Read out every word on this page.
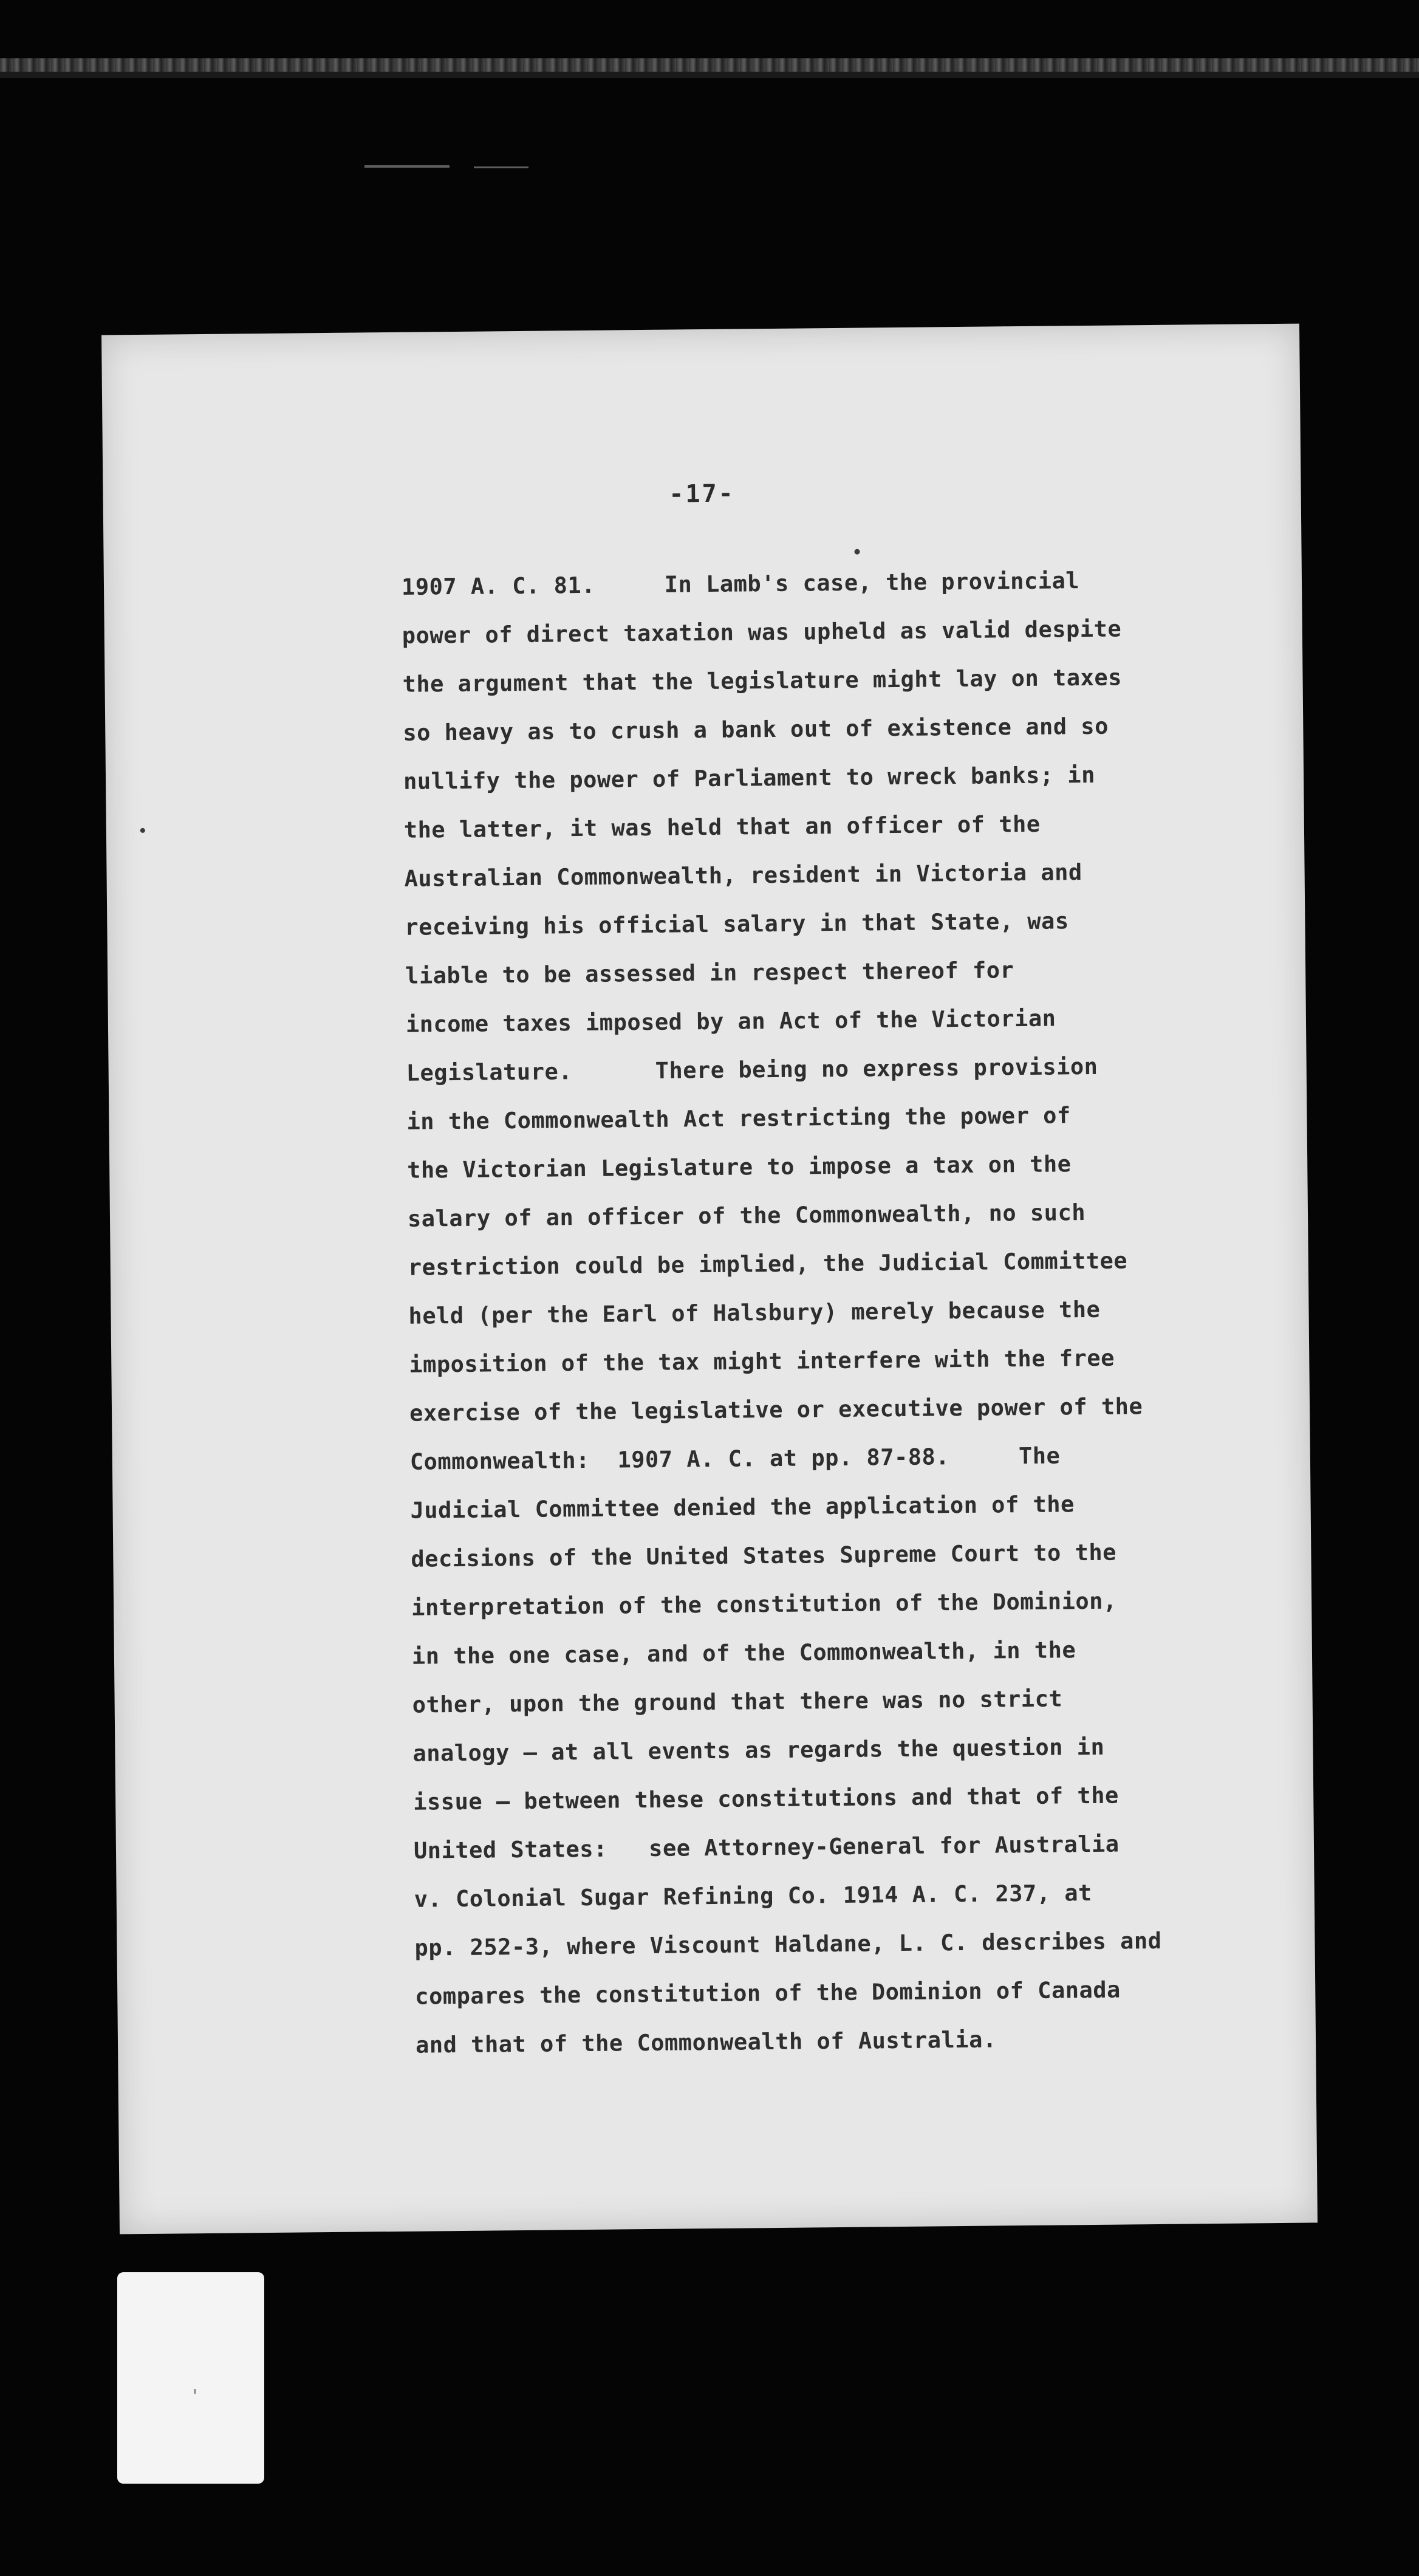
-17-
1907 A. C. 81.     In Lamb's case, the provincial
power of direct taxation was upheld as valid despite
the argument that the legislature might lay on taxes
so heavy as to crush a bank out of existence and so
nullify the power of Parliament to wreck banks; in
the latter, it was held that an officer of the
Australian Commonwealth, resident in Victoria and
receiving his official salary in that State, was
liable to be assessed in respect thereof for
income taxes imposed by an Act of the Victorian
Legislature.      There being no express provision
in the Commonwealth Act restricting the power of
the Victorian Legislature to impose a tax on the
salary of an officer of the Commonwealth, no such
restriction could be implied, the Judicial Committee
held (per the Earl of Halsbury) merely because the
imposition of the tax might interfere with the free
exercise of the legislative or executive power of the
Commonwealth:  1907 A. C. at pp. 87-88.     The
Judicial Committee denied the application of the
decisions of the United States Supreme Court to the
interpretation of the constitution of the Dominion,
in the one case, and of the Commonwealth, in the
other, upon the ground that there was no strict
analogy — at all events as regards the question in
issue — between these constitutions and that of the
United States:   see Attorney-General for Australia
v. Colonial Sugar Refining Co. 1914 A. C. 237, at
pp. 252-3, where Viscount Haldane, L. C. describes and
compares the constitution of the Dominion of Canada
and that of the Commonwealth of Australia.
